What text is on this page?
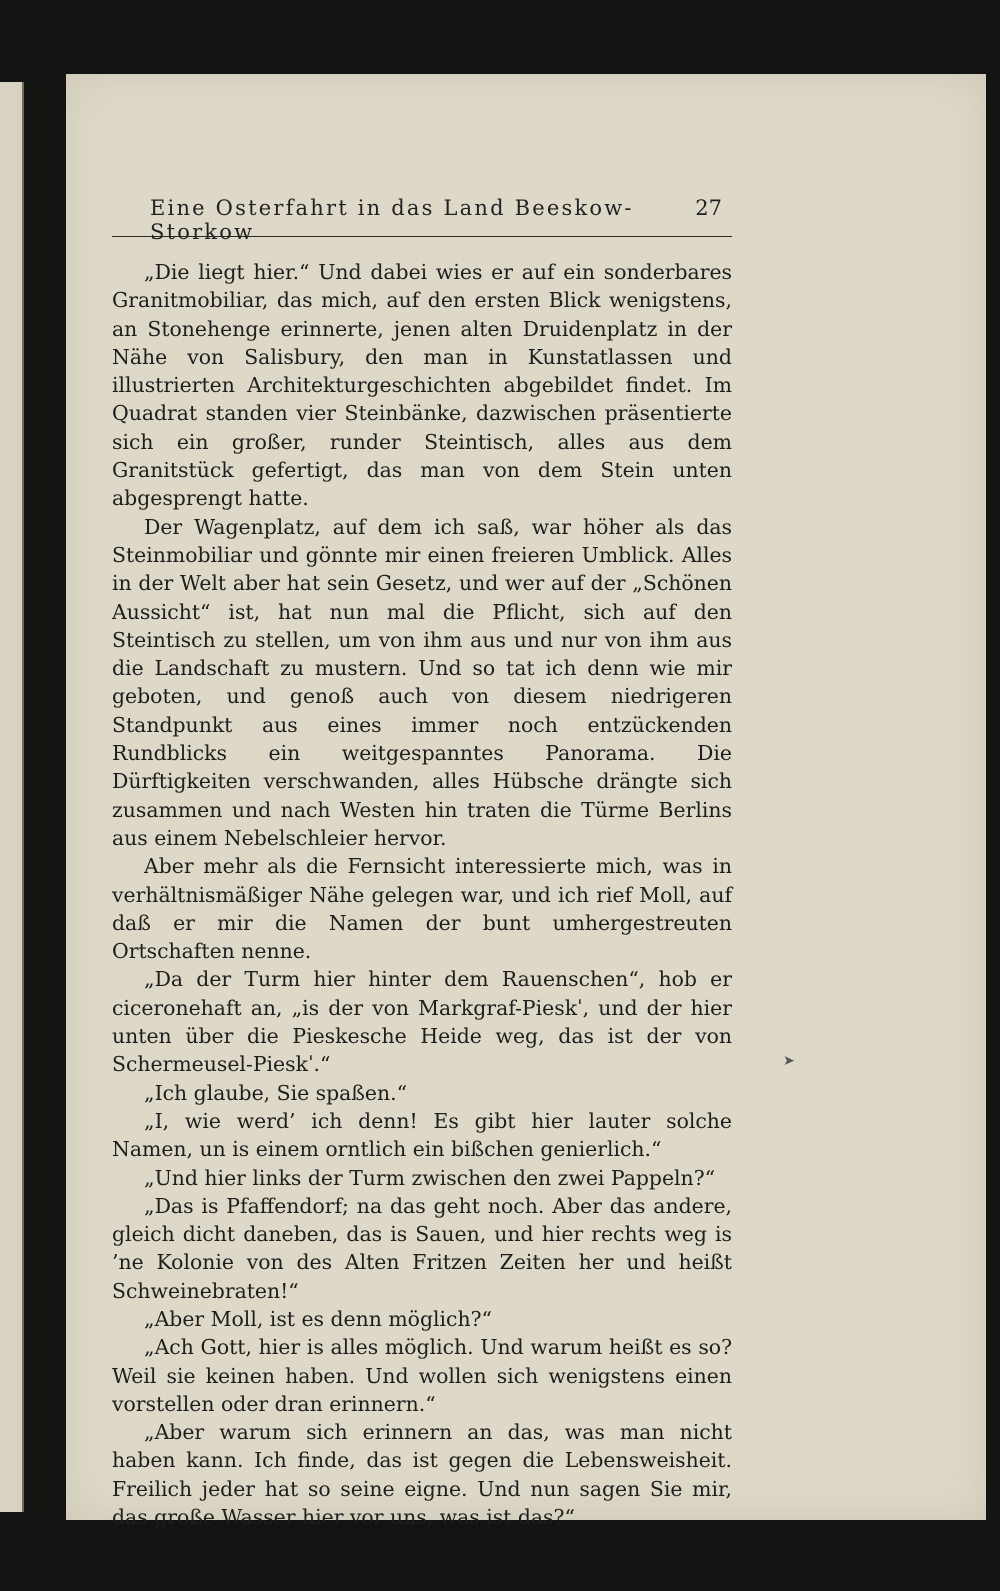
Eine Osterfahrt in das Land Beeskow-Storkow
27

„Die liegt hier.“ Und dabei wies er auf ein sonderbares Granitmobiliar, das mich, auf den ersten Blick wenigstens, an Stonehenge erinnerte, jenen alten Druidenplatz in der Nähe von Salisbury, den man in Kunstatlassen und illustrierten Architekturgeschichten abgebildet findet. Im Quadrat standen vier Steinbänke, dazwischen präsentierte sich ein großer, runder Steintisch, alles aus dem Granitstück gefertigt, das man von dem Stein unten abgesprengt hatte.

Der Wagenplatz, auf dem ich saß, war höher als das Steinmobiliar und gönnte mir einen freieren Umblick. Alles in der Welt aber hat sein Gesetz, und wer auf der „Schönen Aussicht“ ist, hat nun mal die Pflicht, sich auf den Steintisch zu stellen, um von ihm aus und nur von ihm aus die Landschaft zu mustern. Und so tat ich denn wie mir geboten, und genoß auch von diesem niedrigeren Standpunkt aus eines immer noch entzückenden Rundblicks ein weitgespanntes Panorama. Die Dürftigkeiten verschwanden, alles Hübsche drängte sich zusammen und nach Westen hin traten die Türme Berlins aus einem Nebelschleier hervor.

Aber mehr als die Fernsicht interessierte mich, was in verhältnismäßiger Nähe gelegen war, und ich rief Moll, auf daß er mir die Namen der bunt umhergestreuten Ortschaften nenne.

„Da der Turm hier hinter dem Rauenschen“, hob er ciceronehaft an, „is der von Markgraf-Pieskˈ, und der hier unten über die Pieskesche Heide weg, das ist der von Schermeusel-Pieskˈ.“

„Ich glaube, Sie spaßen.“

„I, wie werd’ ich denn! Es gibt hier lauter solche Namen, un is einem orntlich ein bißchen genierlich.“

„Und hier links der Turm zwischen den zwei Pappeln?“

„Das is Pfaffendorf; na das geht noch. Aber das andere, gleich dicht daneben, das is Sauen, und hier rechts weg is ’ne Kolonie von des Alten Fritzen Zeiten her und heißt Schweinebraten!“

„Aber Moll, ist es denn möglich?“

„Ach Gott, hier is alles möglich. Und warum heißt es so? Weil sie keinen haben. Und wollen sich wenigstens einen vorstellen oder dran erinnern.“

„Aber warum sich erinnern an das, was man nicht haben kann. Ich finde, das ist gegen die Lebensweisheit. Freilich jeder hat so seine eigne. Und nun sagen Sie mir, das große Wasser hier vor uns, was ist das?“

➤
